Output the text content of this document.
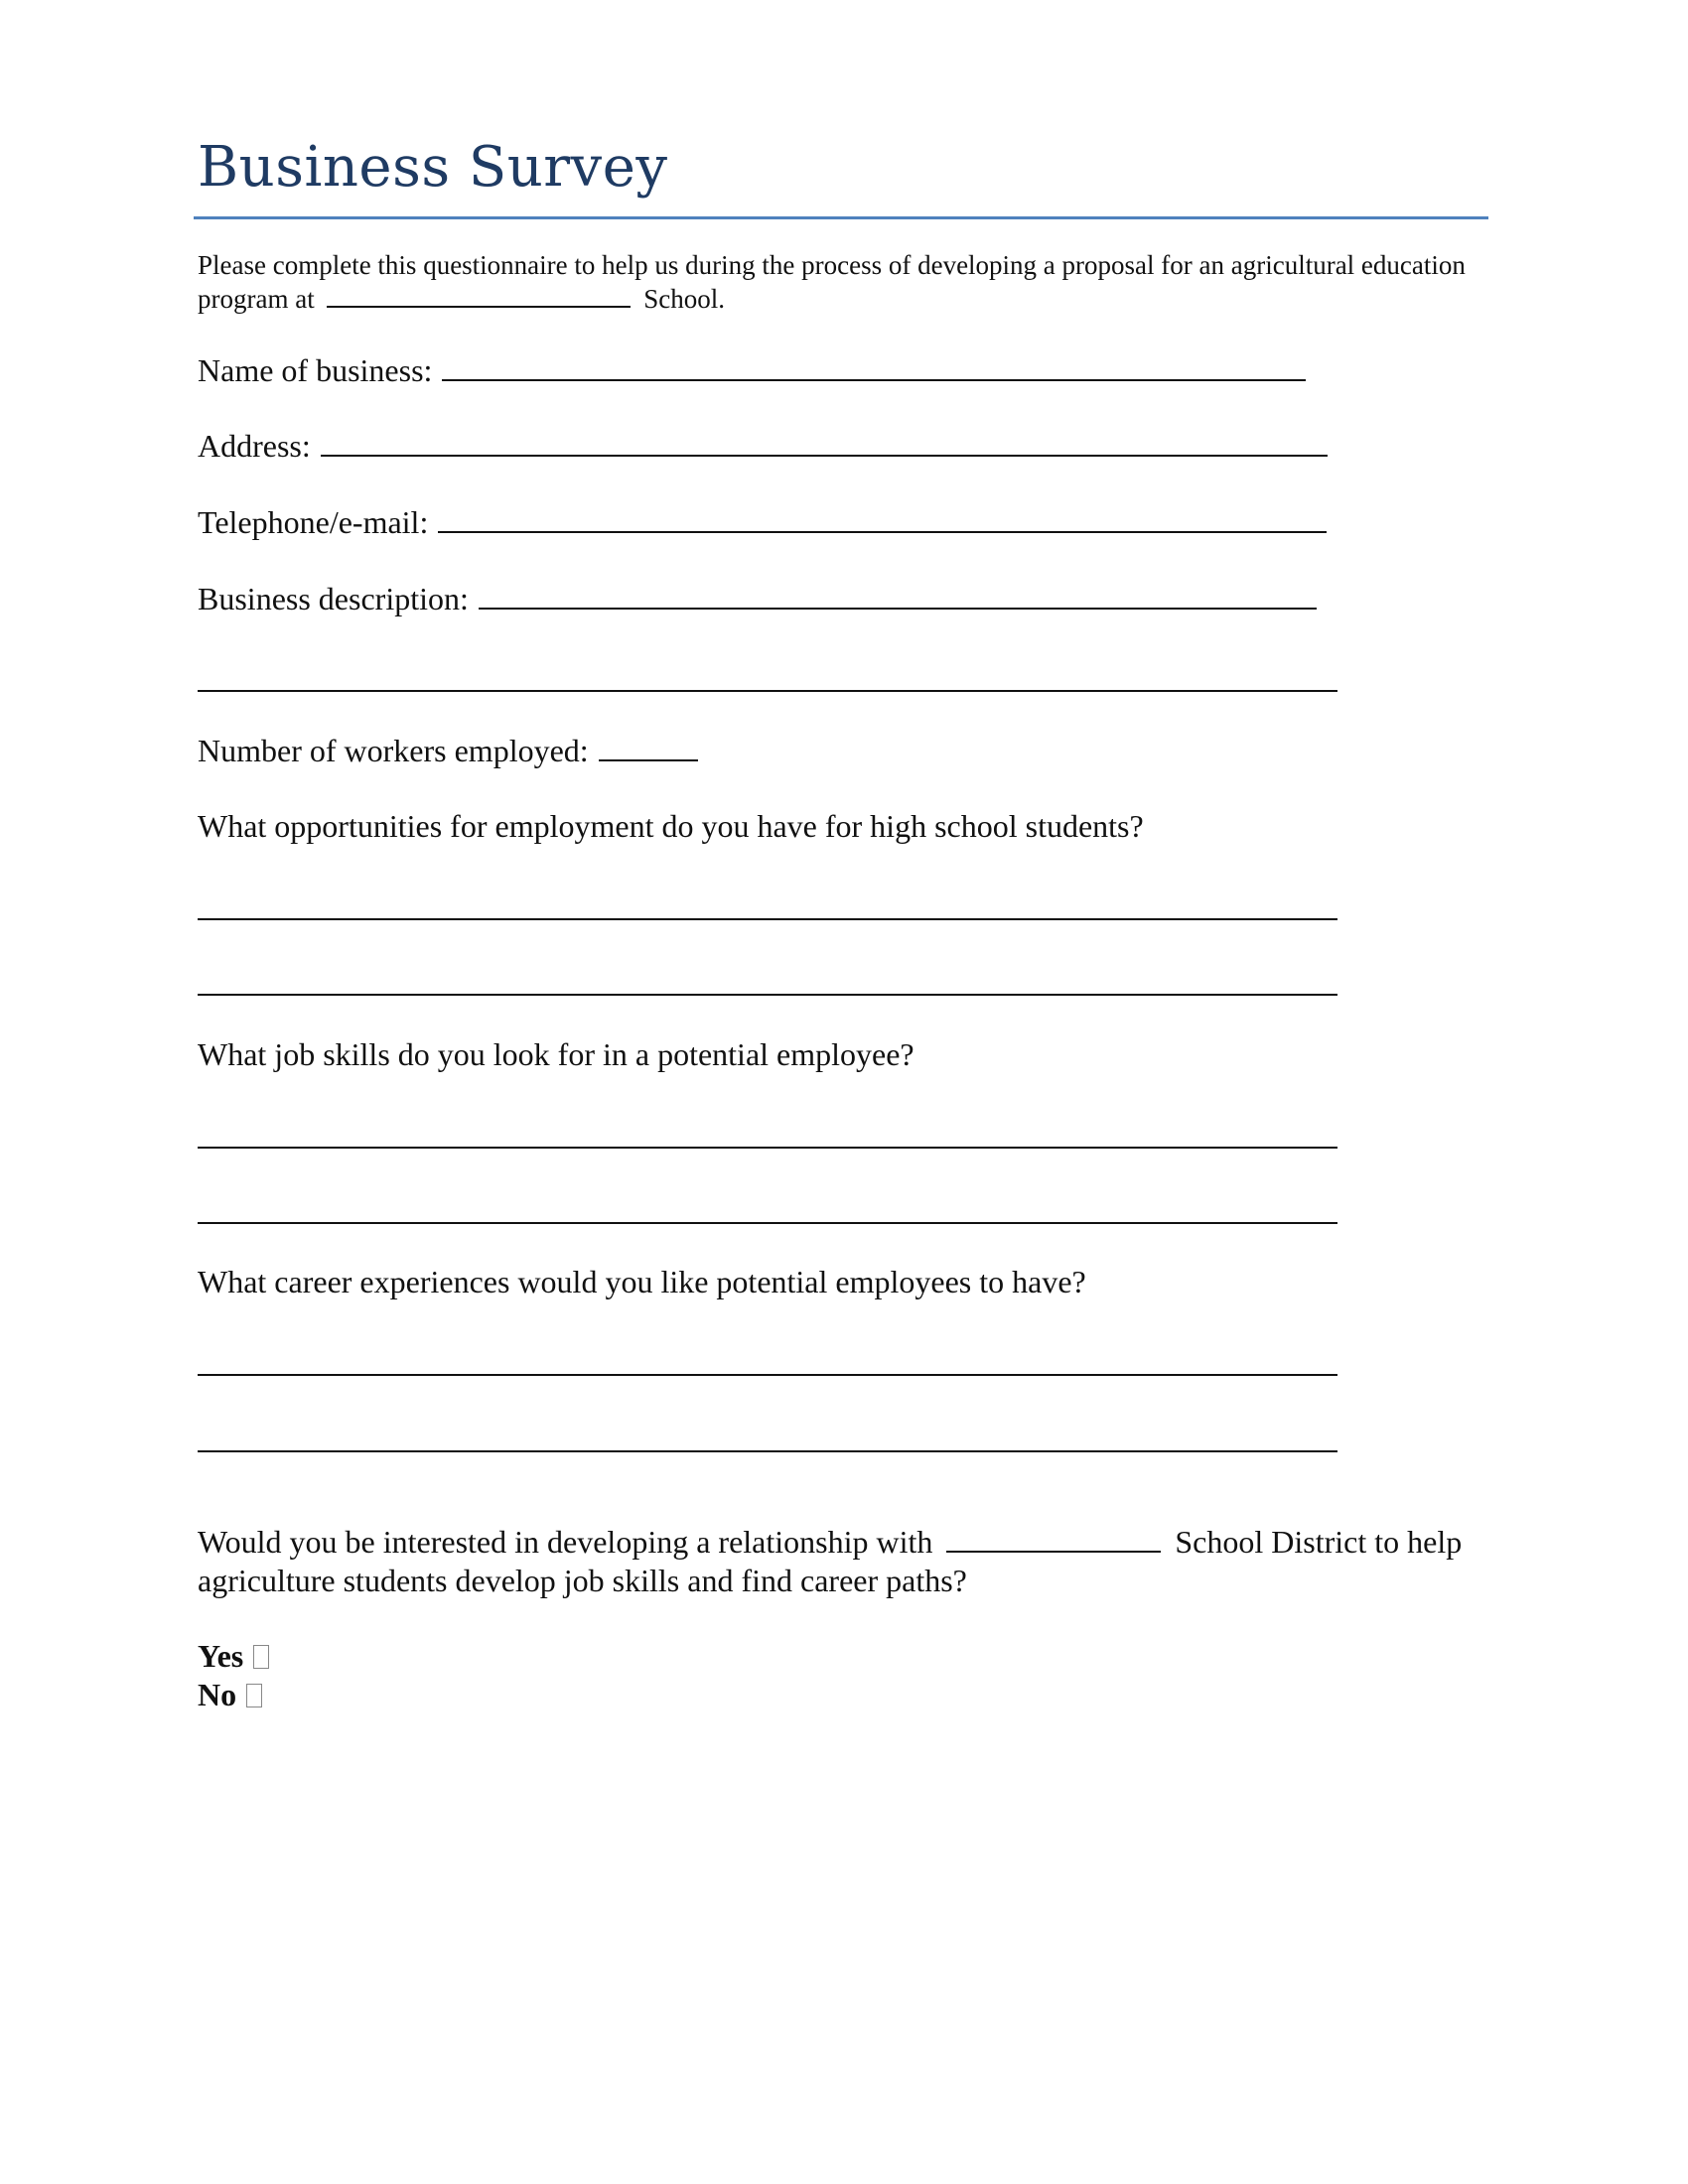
Business Survey
Please complete this questionnaire to help us during the process of developing a proposal for an agricultural education program at	School.
Name of business:
Address:
Telephone/e-mail:
Business description:
Number of workers employed:
What opportunities for employment do you have for high school students?
What job skills do you look for in a potential employee?
What career experiences would you like potential employees to have?
Would you be interested in developing a relationship with	School District to help agriculture students develop job skills and find career paths?
Yes
No
